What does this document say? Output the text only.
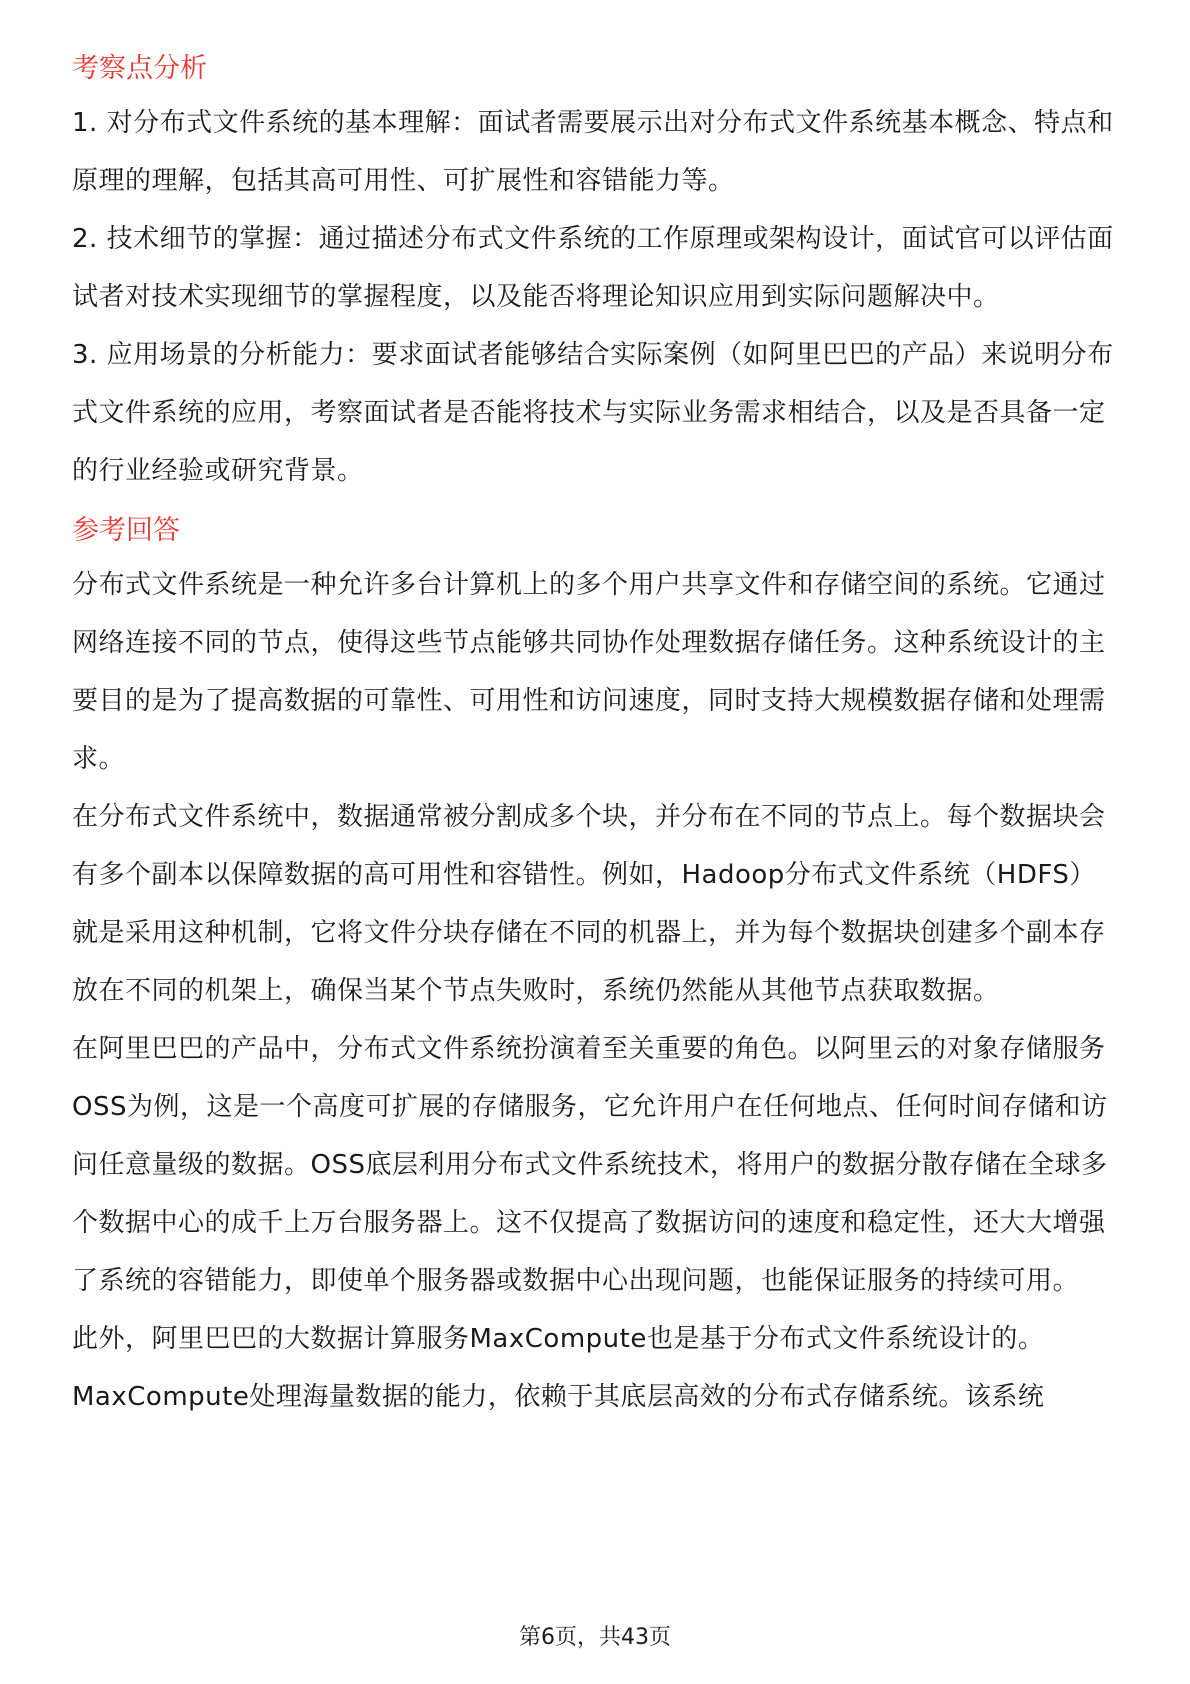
考察点分析

1. 对分布式文件系统的基本理解：面试者需要展示出对分布式文件系统基本概念、特点和原理的理解，包括其高可用性、可扩展性和容错能力等。

2. 技术细节的掌握：通过描述分布式文件系统的工作原理或架构设计，面试官可以评估面试者对技术实现细节的掌握程度，以及能否将理论知识应用到实际问题解决中。

3. 应用场景的分析能力：要求面试者能够结合实际案例（如阿里巴巴的产品）来说明分布式文件系统的应用，考察面试者是否能将技术与实际业务需求相结合，以及是否具备一定的行业经验或研究背景。

参考回答

分布式文件系统是一种允许多台计算机上的多个用户共享文件和存储空间的系统。它通过网络连接不同的节点，使得这些节点能够共同协作处理数据存储任务。这种系统设计的主要目的是为了提高数据的可靠性、可用性和访问速度，同时支持大规模数据存储和处理需求。

在分布式文件系统中，数据通常被分割成多个块，并分布在不同的节点上。每个数据块会有多个副本以保障数据的高可用性和容错性。例如，Hadoop分布式文件系统（HDFS）就是采用这种机制，它将文件分块存储在不同的机器上，并为每个数据块创建多个副本存放在不同的机架上，确保当某个节点失败时，系统仍然能从其他节点获取数据。

在阿里巴巴的产品中，分布式文件系统扮演着至关重要的角色。以阿里云的对象存储服务OSS为例，这是一个高度可扩展的存储服务，它允许用户在任何地点、任何时间存储和访问任意量级的数据。OSS底层利用分布式文件系统技术，将用户的数据分散存储在全球多个数据中心的成千上万台服务器上。这不仅提高了数据访问的速度和稳定性，还大大增强了系统的容错能力，即使单个服务器或数据中心出现问题，也能保证服务的持续可用。

此外，阿里巴巴的大数据计算服务MaxCompute也是基于分布式文件系统设计的。MaxCompute处理海量数据的能力，依赖于其底层高效的分布式存储系统。该系统

第6页，共43页
